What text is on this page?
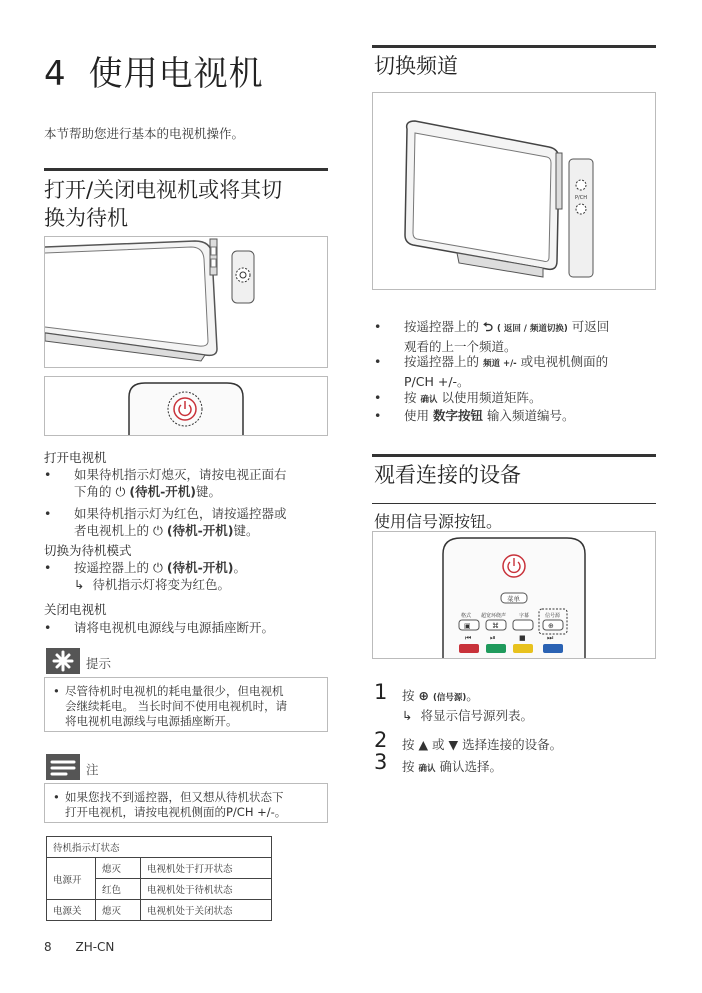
4 使用电视机
本节帮助您进行基本的电视机操作。
打开/关闭电视机或将其切
换为待机
打开电视机
•	如果待机指示灯熄灭，请按电视正面右
下角的 ⏻ (待机-开机)键。
•	如果待机指示灯为红色，请按遥控器或
者电视机上的 ⏻ (待机-开机)键。
切换为待机模式
•	按遥控器上的 ⏻ (待机-开机)。
↳ 待机指示灯将变为红色。
关闭电视机
•	请将电视机电源线与电源插座断开。
提示
• 尽管待机时电视机的耗电量很少，但电视机
会继续耗电。 当长时间不使用电视机时，请
将电视机电源线与电源插座断开。
注
• 如果您找不到遥控器，但又想从待机状态下
打开电视机，请按电视机侧面的P/CH +/-。
待机指示灯状态		
电源开	熄灭	电视机处于打开状态
	红色	电视机处于待机状态
电源关	熄灭	电视机处于关闭状态
8 ZH-CN
切换频道
P/CH
•	按遥控器上的 ⮌ ( 返回 / 频道切换) 可返回
观看的上一个频道。
•	按遥控器上的 频道 +/- 或电视机侧面的
P/CH +/-。
•	按 确认 以使用频道矩阵。
•	使用 数字按钮 输入频道编号。
观看连接的设备
使用信号源按钮。
菜单
格式 超宽环绕声	字幕	信号源
▣	⌘	⊕
⏮	⏯	■	⏭
1 按 ⊕ (信号源)。
↳ 将显示信号源列表。
2 按 ▲ 或 ▼ 选择连接的设备。
3 按 确认 确认选择。
